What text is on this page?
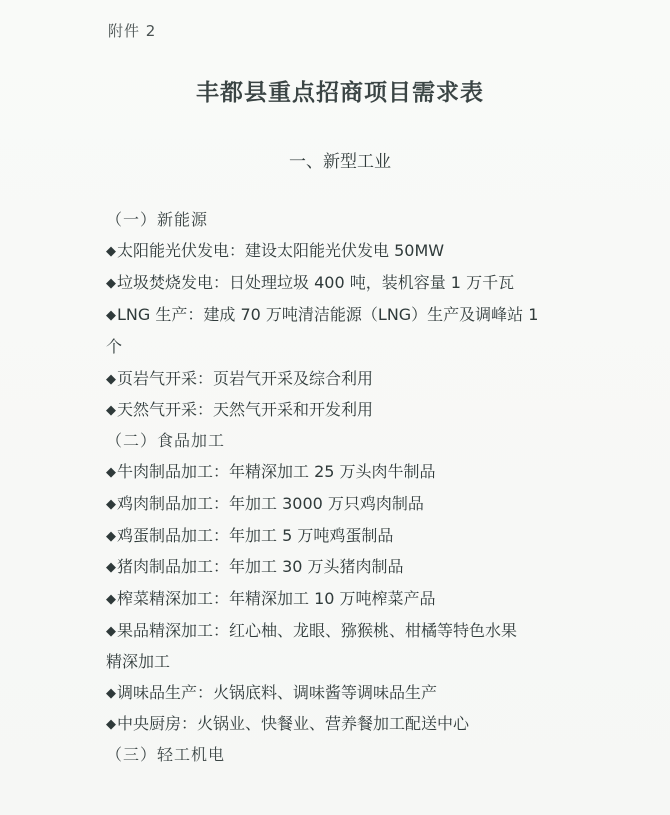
附件 2
丰都县重点招商项目需求表
一、新型工业
（一）新能源
◆太阳能光伏发电：建设太阳能光伏发电 50MW
◆垃圾焚烧发电：日处理垃圾 400 吨，装机容量 1 万千瓦
◆LNG 生产：建成 70 万吨清洁能源（LNG）生产及调峰站 1
个
◆页岩气开采：页岩气开采及综合利用
◆天然气开采：天然气开采和开发利用
（二）食品加工
◆牛肉制品加工：年精深加工 25 万头肉牛制品
◆鸡肉制品加工：年加工 3000 万只鸡肉制品
◆鸡蛋制品加工：年加工 5 万吨鸡蛋制品
◆猪肉制品加工：年加工 30 万头猪肉制品
◆榨菜精深加工：年精深加工 10 万吨榨菜产品
◆果品精深加工：红心柚、龙眼、猕猴桃、柑橘等特色水果
精深加工
◆调味品生产：火锅底料、调味酱等调味品生产
◆中央厨房：火锅业、快餐业、营养餐加工配送中心
（三）轻工机电
